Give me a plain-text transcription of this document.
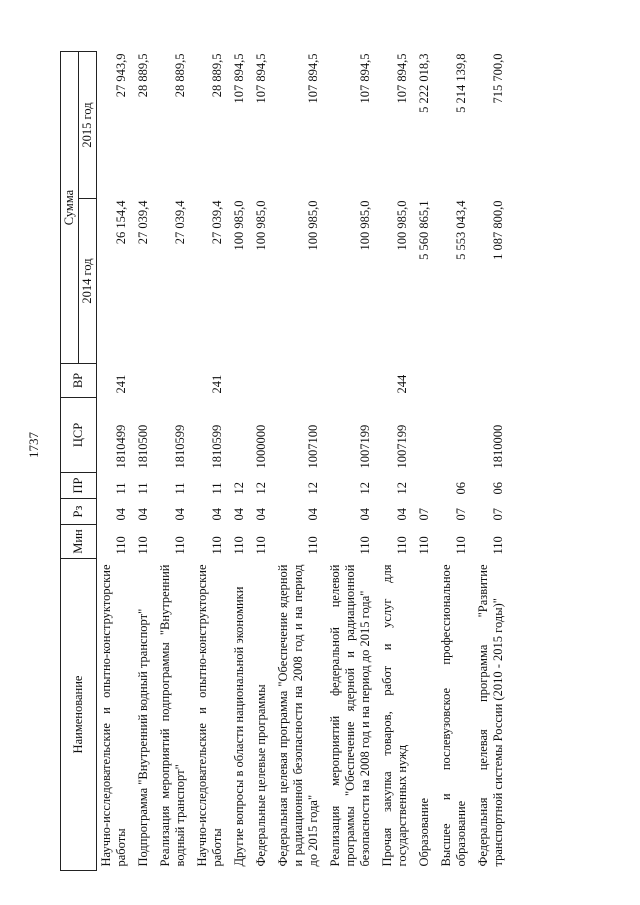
1737
Наименование	Мин	Рз	ПР	ЦСР	ВР	Сумма	
						2014 год	2015 год
Научно-исследовательские и опытно-конструкторские работы	110	04	11	1810499	241	26 154,4	27 943,9
Подпрограмма "Внутренний водный транспорт"	110	04	11	1810500		27 039,4	28 889,5
Реализация мероприятий подпрограммы "Внутренний водный транспорт"	110	04	11	1810599		27 039,4	28 889,5
Научно-исследовательские и опытно-конструкторские работы	110	04	11	1810599	241	27 039,4	28 889,5
Другие вопросы в области национальной экономики	110	04	12			100 985,0	107 894,5
Федеральные целевые программы	110	04	12	1000000		100 985,0	107 894,5
Федеральная целевая программа "Обеспечение ядерной и радиационной безопасности на 2008 год и на период до 2015 года"	110	04	12	1007100		100 985,0	107 894,5
Реализация мероприятий федеральной целевой программы "Обеспечение ядерной и радиационной безопасности на 2008 год и на период до 2015 года"	110	04	12	1007199		100 985,0	107 894,5
Прочая закупка товаров, работ и услуг для государственных нужд	110	04	12	1007199	244	100 985,0	107 894,5
Образование	110	07				5 560 865,1	5 222 018,3
Высшее и послевузовское профессиональное образование	110	07	06			5 553 043,4	5 214 139,8
Федеральная целевая программа "Развитие транспортной системы России (2010 - 2015 годы)"	110	07	06	1810000		1 087 800,0	715 700,0
